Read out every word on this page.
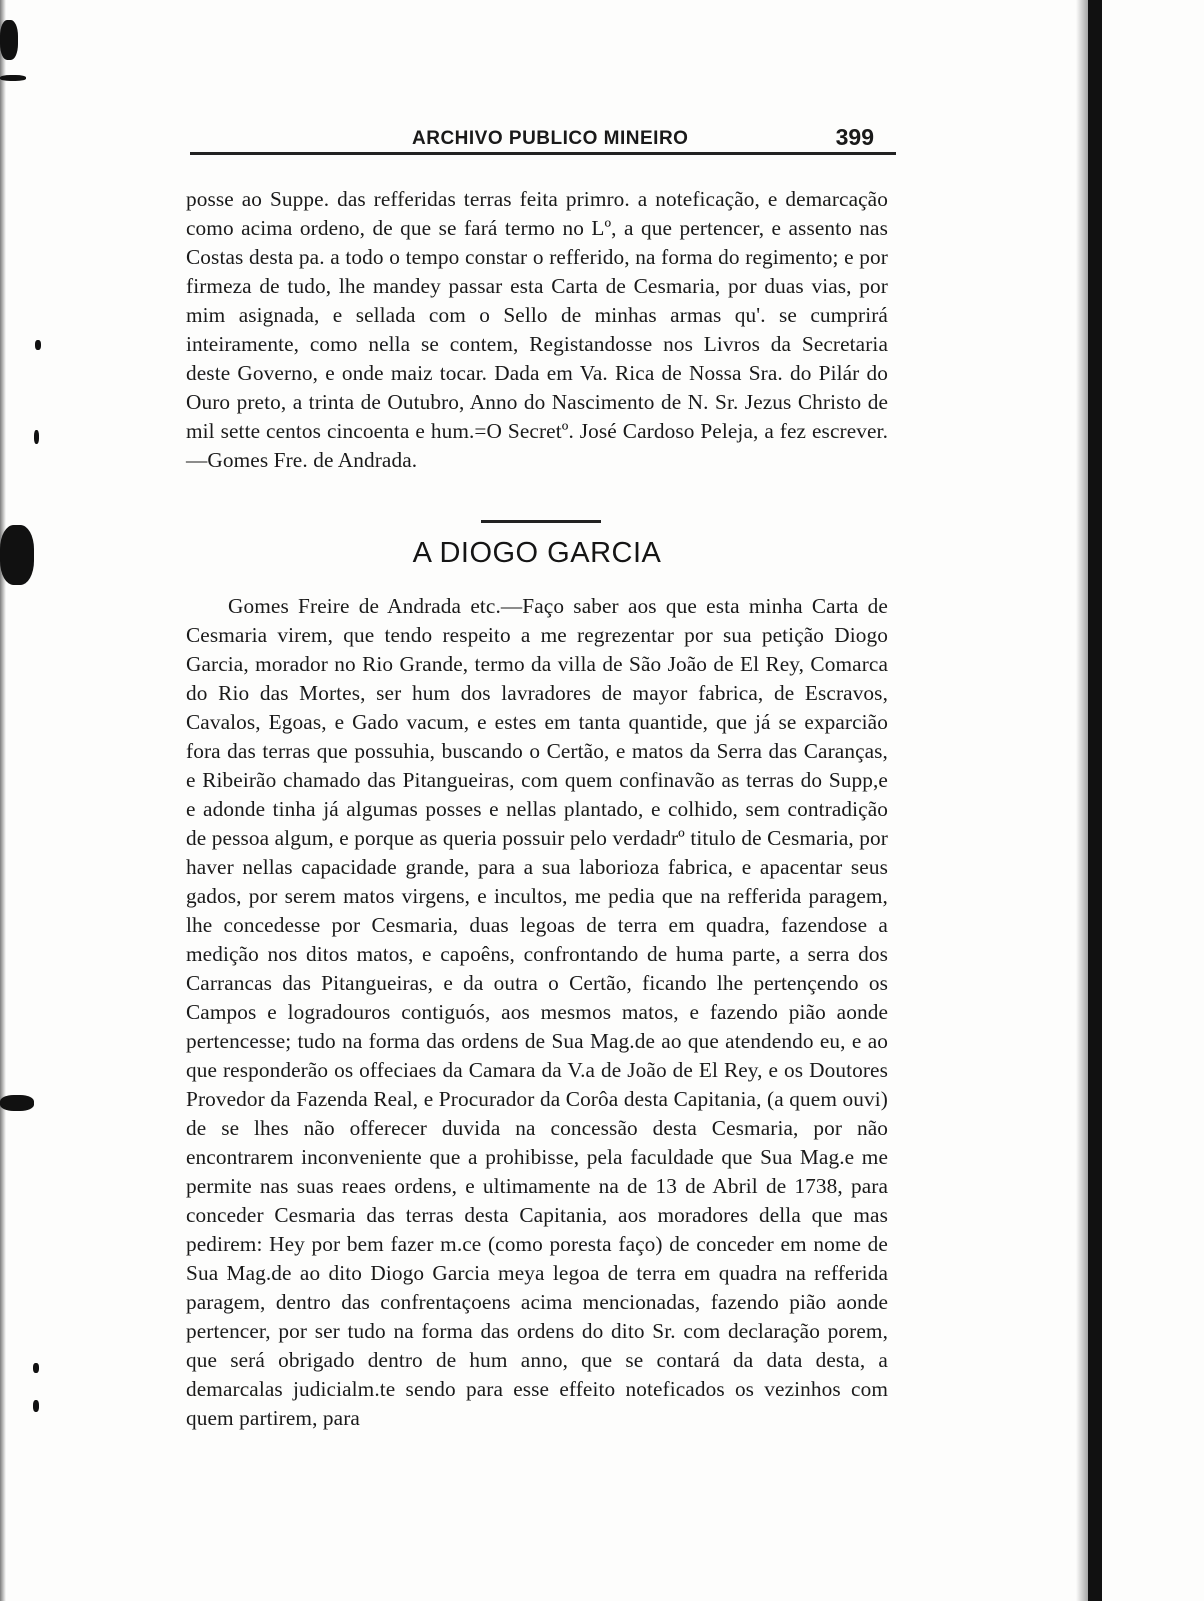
ARCHIVO PUBLICO MINEIRO	399

posse ao Suppe. das refferidas terras feita primro. a noteficação, e demarcação como acima ordeno, de que se fará termo no Lº, a que pertencer, e assento nas Costas desta pa. a todo o tempo constar o refferido, na forma do regimento; e por firmeza de tudo, lhe mandey passar esta Carta de Cesmaria, por duas vias, por mim asignada, e sellada com o Sello de minhas armas qu'. se cumprirá inteiramente, como nella se contem, Registandosse nos Livros da Secretaria deste Governo, e onde maiz tocar. Dada em Va. Rica de Nossa Sra. do Pilár do Ouro preto, a trinta de Outubro, Anno do Nascimento de N. Sr. Jezus Christo de mil sette centos cincoenta e hum.=O Secretº. José Cardoso Peleja, a fez escrever.—Gomes Fre. de Andrada.

A DIOGO GARCIA

Gomes Freire de Andrada etc.—Faço saber aos que esta minha Carta de Cesmaria virem, que tendo respeito a me regrezentar por sua petição Diogo Garcia, morador no Rio Grande, termo da villa de São João de El Rey, Comarca do Rio das Mortes, ser hum dos lavradores de mayor fabrica, de Escravos, Cavalos, Egoas, e Gado vacum, e estes em tanta quantide, que já se exparcião fora das terras que possuhia, buscando o Certão, e matos da Serra das Caranças, e Ribeirão chamado das Pitangueiras, com quem confinavão as terras do Supp,e e adonde tinha já algumas posses e nellas plantado, e colhido, sem contradição de pessoa algum, e porque as queria possuir pelo verdadrº titulo de Cesmaria, por haver nellas capacidade grande, para a sua laborioza fabrica, e apacentar seus gados, por serem matos virgens, e incultos, me pedia que na refferida paragem, lhe concedesse por Cesmaria, duas legoas de terra em quadra, fazendose a medição nos ditos matos, e capoêns, confrontando de huma parte, a serra dos Carrancas das Pitangueiras, e da outra o Certão, ficando lhe pertençendo os Campos e logradouros contiguós, aos mesmos matos, e fazendo pião aonde pertencesse; tudo na forma das ordens de Sua Mag.de ao que atendendo eu, e ao que responderão os offeciaes da Camara da V.a de João de El Rey, e os Doutores Provedor da Fazenda Real, e Procurador da Corôa desta Capitania, (a quem ouvi) de se lhes não offerecer duvida na concessão desta Cesmaria, por não encontrarem inconveniente que a prohibisse, pela faculdade que Sua Mag.e me permite nas suas reaes ordens, e ultimamente na de 13 de Abril de 1738, para conceder Cesmaria das terras desta Capitania, aos moradores della que mas pedirem: Hey por bem fazer m.ce (como poresta faço) de conceder em nome de Sua Mag.de ao dito Diogo Garcia meya legoa de terra em quadra na refferida paragem, dentro das confrentaçoens acima mencionadas, fazendo pião aonde pertencer, por ser tudo na forma das ordens do dito Sr. com declaração porem, que será obrigado dentro de hum anno, que se contará da data desta, a demarcalas judicialm.te sendo para esse effeito noteficados os vezinhos com quem partirem, para
